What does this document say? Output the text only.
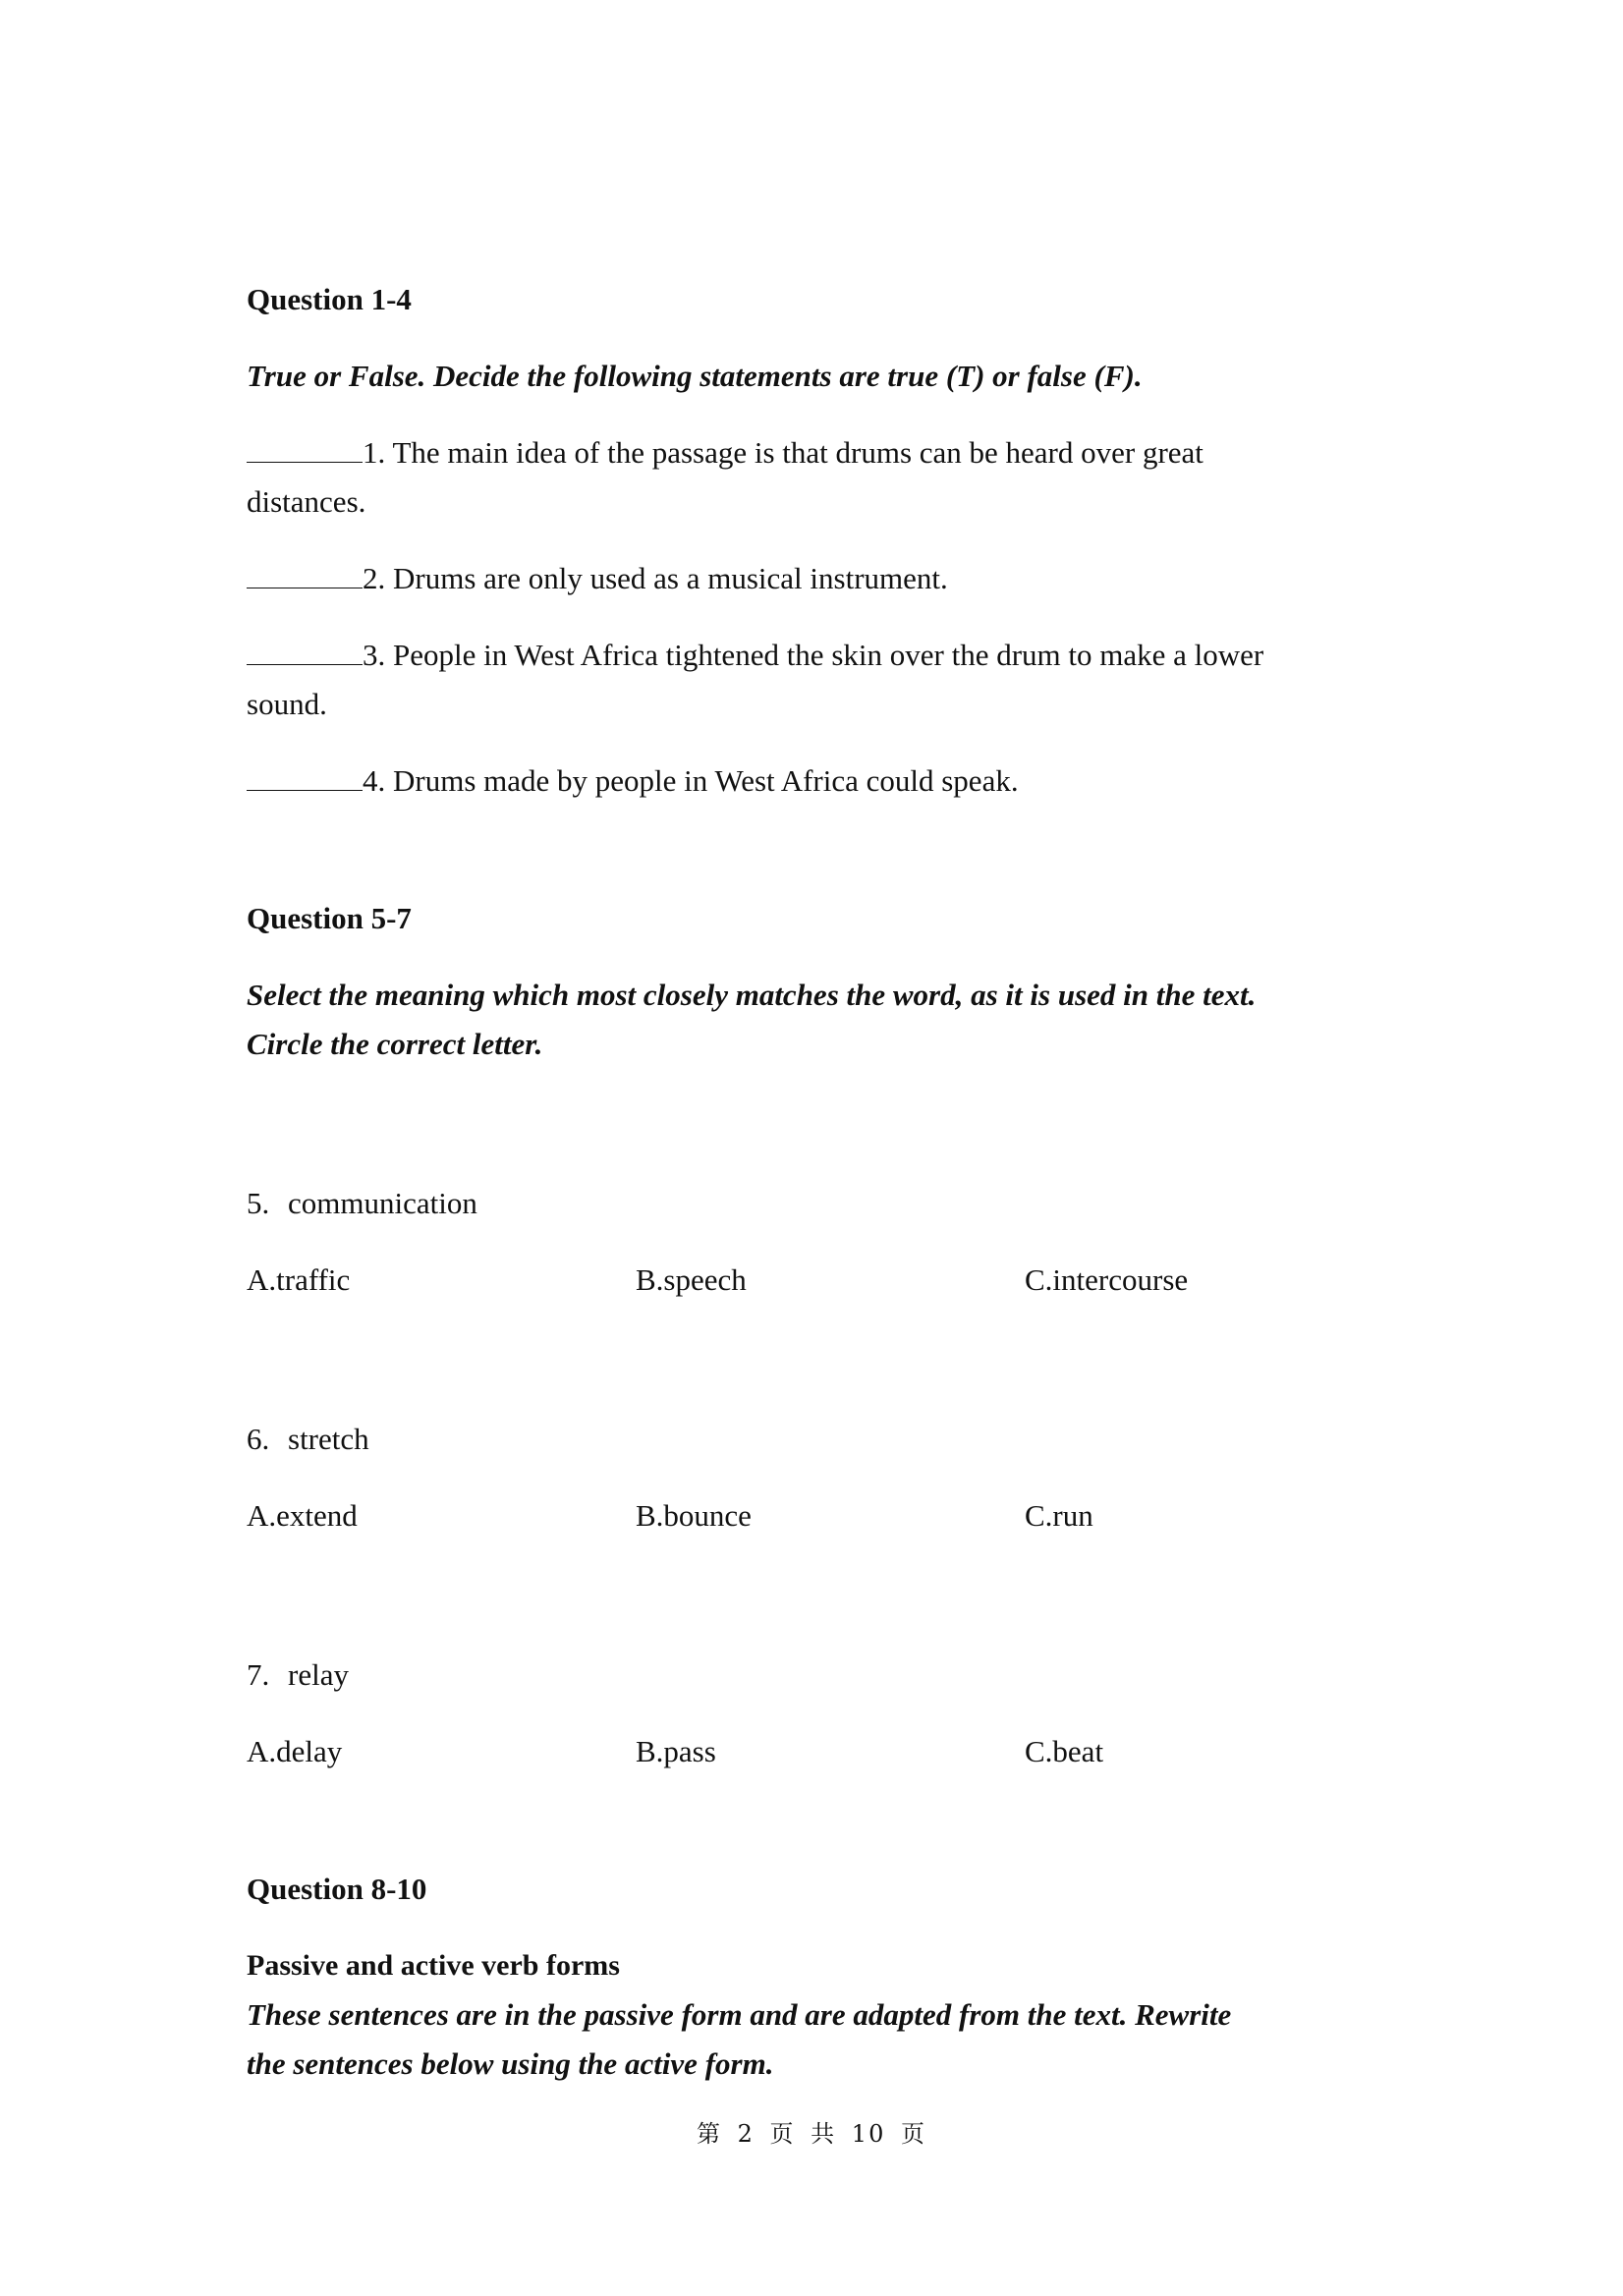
Question 1-4

True or False. Decide the following statements are true (T) or false (F).

1. The main idea of the passage is that drums can be heard over great

distances.

2. Drums are only used as a musical instrument.

3. People in West Africa tightened the skin over the drum to make a lower

sound.

4. Drums made by people in West Africa could speak.

Question 5-7

Select the meaning which most closely matches the word, as it is used in the text.

Circle the correct letter.

5. communication

A.traffic	B.speech	C.intercourse

6. stretch

A.extend	B.bounce	C.run

7. relay

A.delay	B.pass	C.beat

Question 8-10

Passive and active verb forms

These sentences are in the passive form and are adapted from the text. Rewrite

the sentences below using the active form.

第 2 页 共 10 页
